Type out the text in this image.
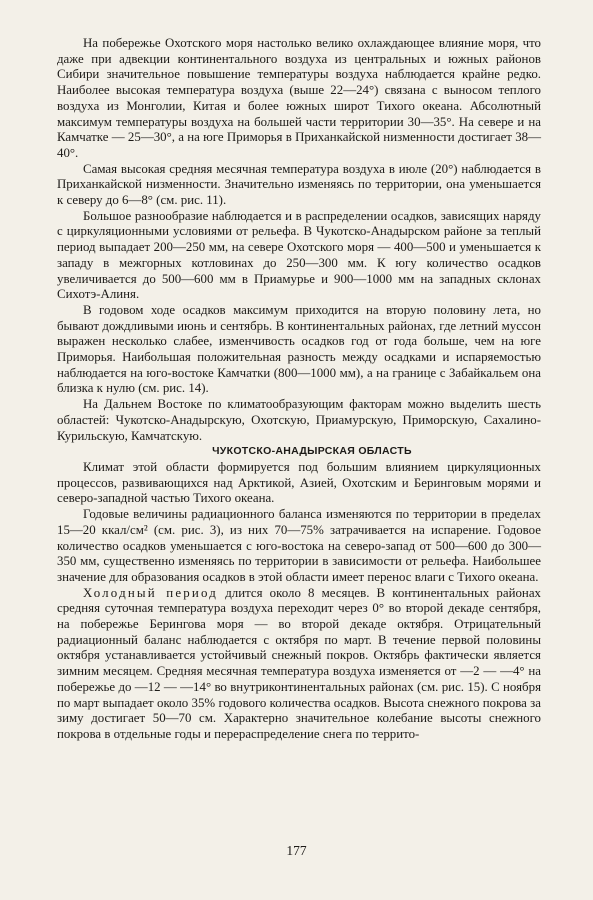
На побережье Охотского моря настолько велико охлаждающее влияние моря, что даже при адвекции континентального воздуха из центральных и южных районов Сибири значительное повышение температуры воздуха наблюдается крайне редко. Наиболее высокая температура воздуха (выше 22—24°) связана с выносом теплого воздуха из Монголии, Китая и более южных широт Тихого океана. Абсолютный максимум температуры воздуха на большей части территории 30—35°. На севере и на Камчатке — 25—30°, а на юге Приморья в Приханкайской низменности достигает 38—40°.

Самая высокая средняя месячная температура воздуха в июле (20°) наблюдается в Приханкайской низменности. Значительно изменяясь по территории, она уменьшается к северу до 6—8° (см. рис. 11).

Большое разнообразие наблюдается и в распределении осадков, зависящих наряду с циркуляционными условиями от рельефа. В Чукотско-Анадырском районе за теплый период выпадает 200—250 мм, на севере Охотского моря — 400—500 и уменьшается к западу в межгорных котловинах до 250—300 мм. К югу количество осадков увеличивается до 500—600 мм в Приамурье и 900—1000 мм на западных склонах Сихотэ-Алиня.

В годовом ходе осадков максимум приходится на вторую половину лета, но бывают дождливыми июнь и сентябрь. В континентальных районах, где летний муссон выражен несколько слабее, изменчивость осадков год от года больше, чем на юге Приморья. Наибольшая положительная разность между осадками и испаряемостью наблюдается на юго-востоке Камчатки (800—1000 мм), а на границе с Забайкальем она близка к нулю (см. рис. 14).

На Дальнем Востоке по климатообразующим факторам можно выделить шесть областей: Чукотско-Анадырскую, Охотскую, Приамурскую, Приморскую, Сахалино-Курильскую, Камчатскую.

ЧУКОТСКО-АНАДЫРСКАЯ ОБЛАСТЬ

Климат этой области формируется под большим влиянием циркуляционных процессов, развивающихся над Арктикой, Азией, Охотским и Беринговым морями и северо-западной частью Тихого океана.

Годовые величины радиационного баланса изменяются по территории в пределах 15—20 ккал/см² (см. рис. 3), из них 70—75% затрачивается на испарение. Годовое количество осадков уменьшается с юго-востока на северо-запад от 500—600 до 300—350 мм, существенно изменяясь по территории в зависимости от рельефа. Наибольшее значение для образования осадков в этой области имеет перенос влаги с Тихого океана.

Холодный период длится около 8 месяцев. В континентальных районах средняя суточная температура воздуха переходит через 0° во второй декаде сентября, на побережье Берингова моря — во второй декаде октября. Отрицательный радиационный баланс наблюдается с октября по март. В течение первой половины октября устанавливается устойчивый снежный покров. Октябрь фактически является зимним месяцем. Средняя месячная температура воздуха изменяется от —2 — —4° на побережье до —12 — —14° во внутриконтинентальных районах (см. рис. 15). С ноября по март выпадает около 35% годового количества осадков. Высота снежного покрова за зиму достигает 50—70 см. Характерно значительное колебание высоты снежного покрова в отдельные годы и перераспределение снега по террито-

177
